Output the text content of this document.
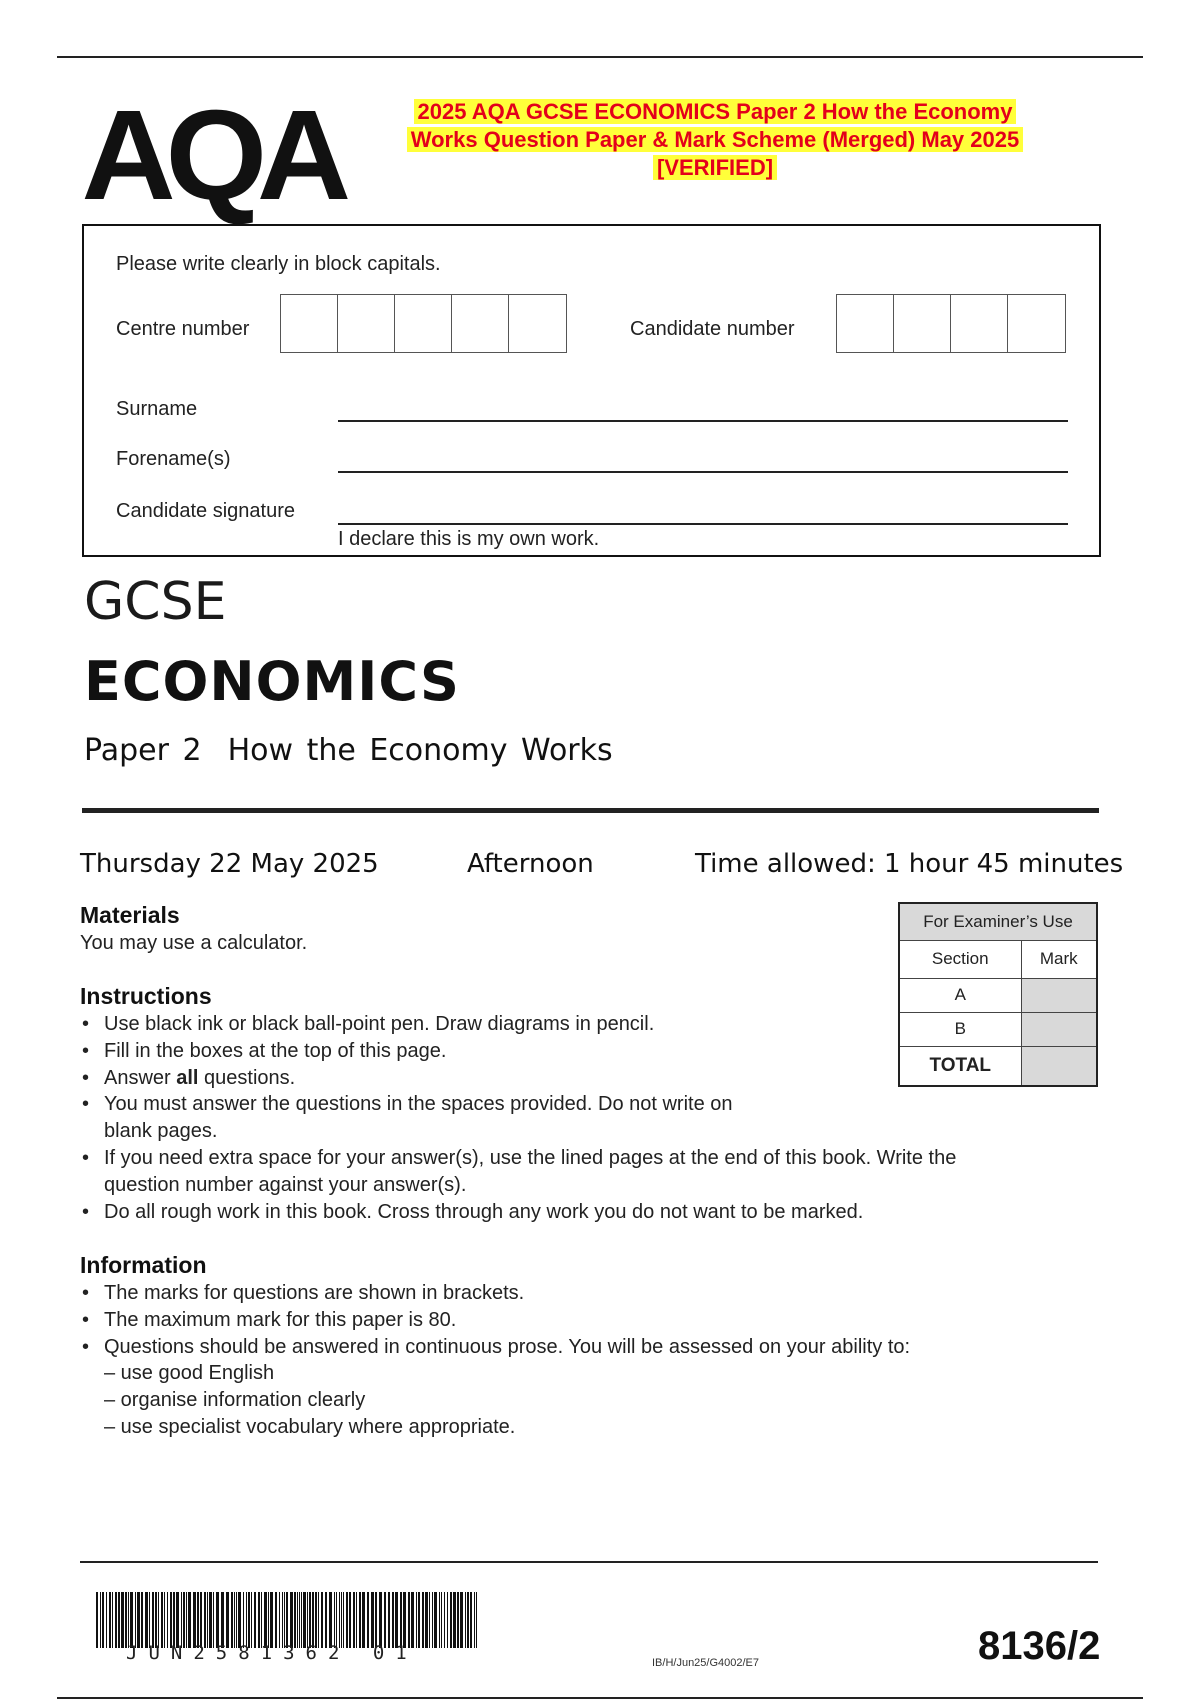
AQA	2025 AQA GCSE ECONOMICS Paper 2 How the Economy
Works Question Paper & Mark Scheme (Merged) May 2025
[VERIFIED]
Please write clearly in block capitals.
Centre number	Candidate number
Surname
Forename(s)
Candidate signature
I declare this is my own work.
GCSE
ECONOMICS
Paper 2 How the Economy Works
Thursday 22 May 2025	Afternoon	Time allowed: 1 hour 45 minutes
Materials
You may use a calculator.
Instructions
• Use black ink or black ball-point pen. Draw diagrams in pencil.
• Fill in the boxes at the top of this page.
• Answer all questions.
• You must answer the questions in the spaces provided. Do not write on
blank pages.
• If you need extra space for your answer(s), use the lined pages at the end of this book. Write the
question number against your answer(s).
• Do all rough work in this book. Cross through any work you do not want to be marked.
For Examiner’s Use	
Section	Mark
A	
B	
TOTAL	
Information
• The marks for questions are shown in brackets.
• The maximum mark for this paper is 80.
• Questions should be answered in continuous prose. You will be assessed on your ability to:
– use good English
– organise information clearly
– use specialist vocabulary where appropriate.
JUN2581362 01	IB/H/Jun25/G4002/E7	8136/2
